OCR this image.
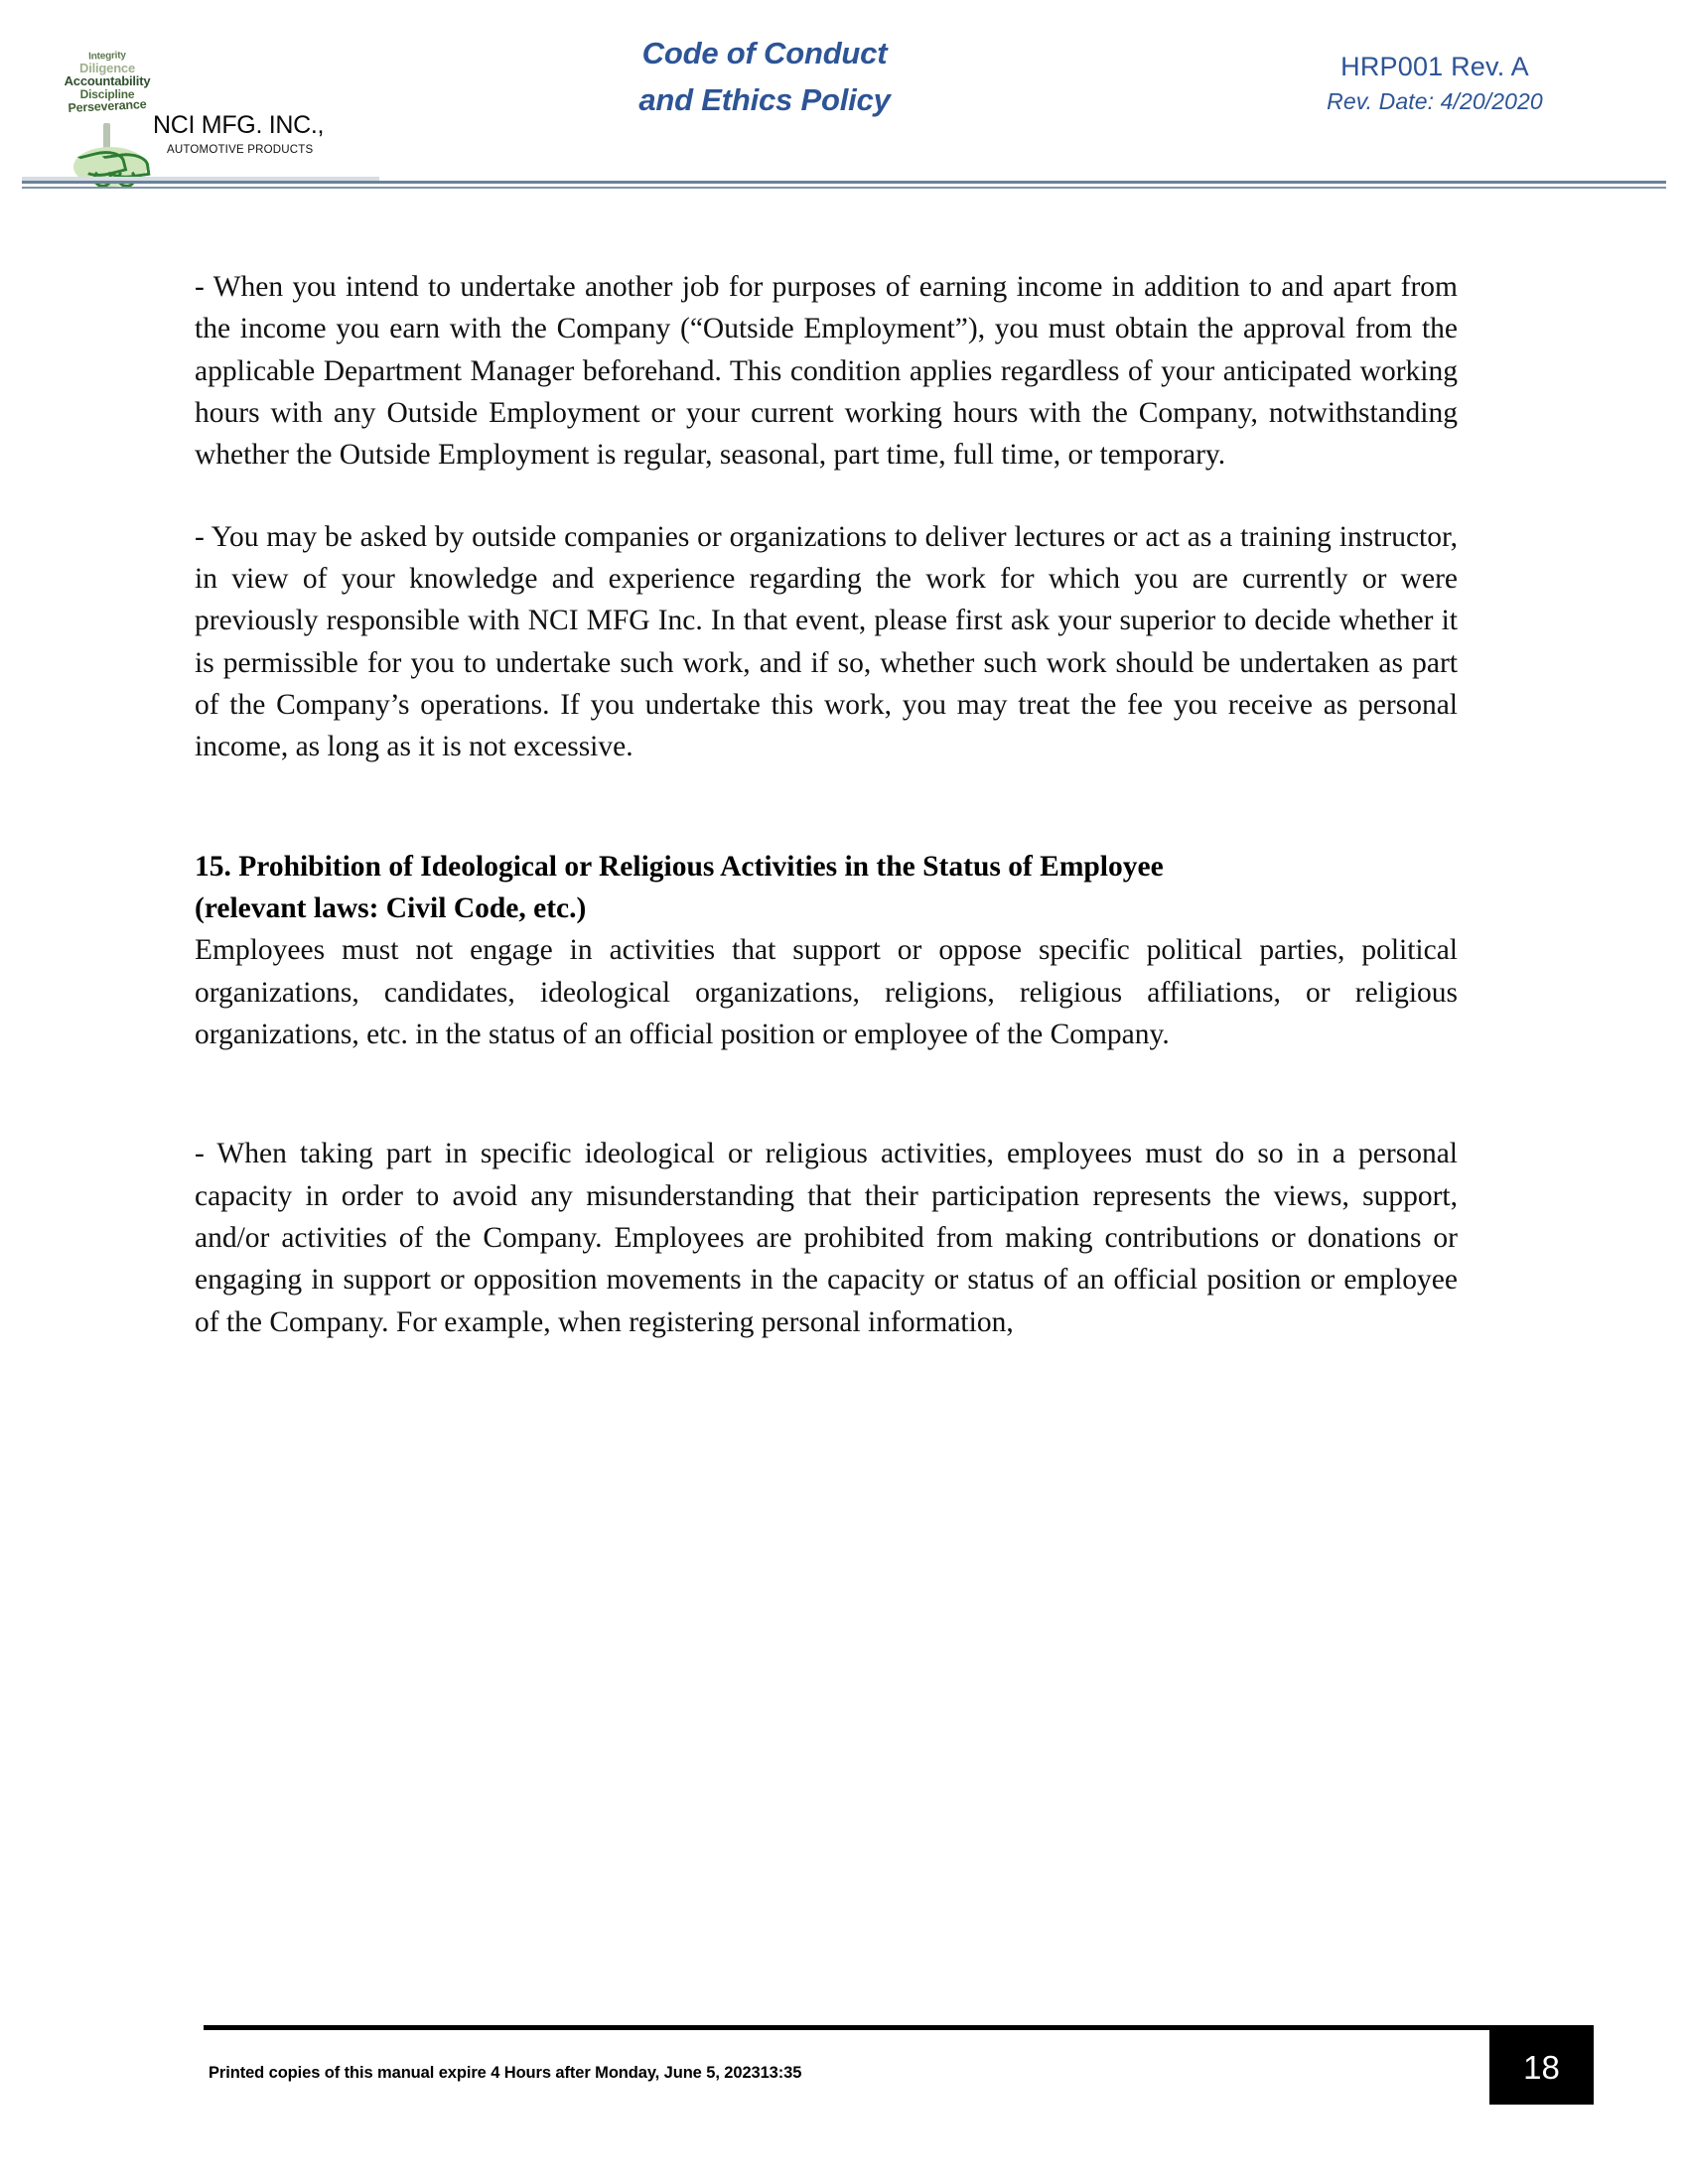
Integrity
Diligence
Accountability
Discipline
Perseverance
NCI MFG. INC.,
AUTOMOTIVE PRODUCTS
Code of Conduct
and Ethics Policy
HRP001 Rev. A
Rev. Date: 4/20/2020

- When you intend to undertake another job for purposes of earning income in addition to and apart from the income you earn with the Company (“Outside Employment”), you must obtain the approval from the applicable Department Manager beforehand. This condition applies regardless of your anticipated working hours with any Outside Employment or your current working hours with the Company, notwithstanding whether the Outside Employment is regular, seasonal, part time, full time, or temporary.

- You may be asked by outside companies or organizations to deliver lectures or act as a training instructor, in view of your knowledge and experience regarding the work for which you are currently or were previously responsible with NCI MFG Inc. In that event, please first ask your superior to decide whether it is permissible for you to undertake such work, and if so, whether such work should be undertaken as part of the Company’s operations. If you undertake this work, you may treat the fee you receive as personal income, as long as it is not excessive.

15. Prohibition of Ideological or Religious Activities in the Status of Employee
(relevant laws: Civil Code, etc.)

Employees must not engage in activities that support or oppose specific political parties, political organizations, candidates, ideological organizations, religions, religious affiliations, or religious organizations, etc. in the status of an official position or employee of the Company.

- When taking part in specific ideological or religious activities, employees must do so in a personal capacity in order to avoid any misunderstanding that their participation represents the views, support, and/or activities of the Company. Employees are prohibited from making contributions or donations or engaging in support or opposition movements in the capacity or status of an official position or employee of the Company. For example, when registering personal information,

Printed copies of this manual expire 4 Hours after Monday, June 5, 202313:35	18
